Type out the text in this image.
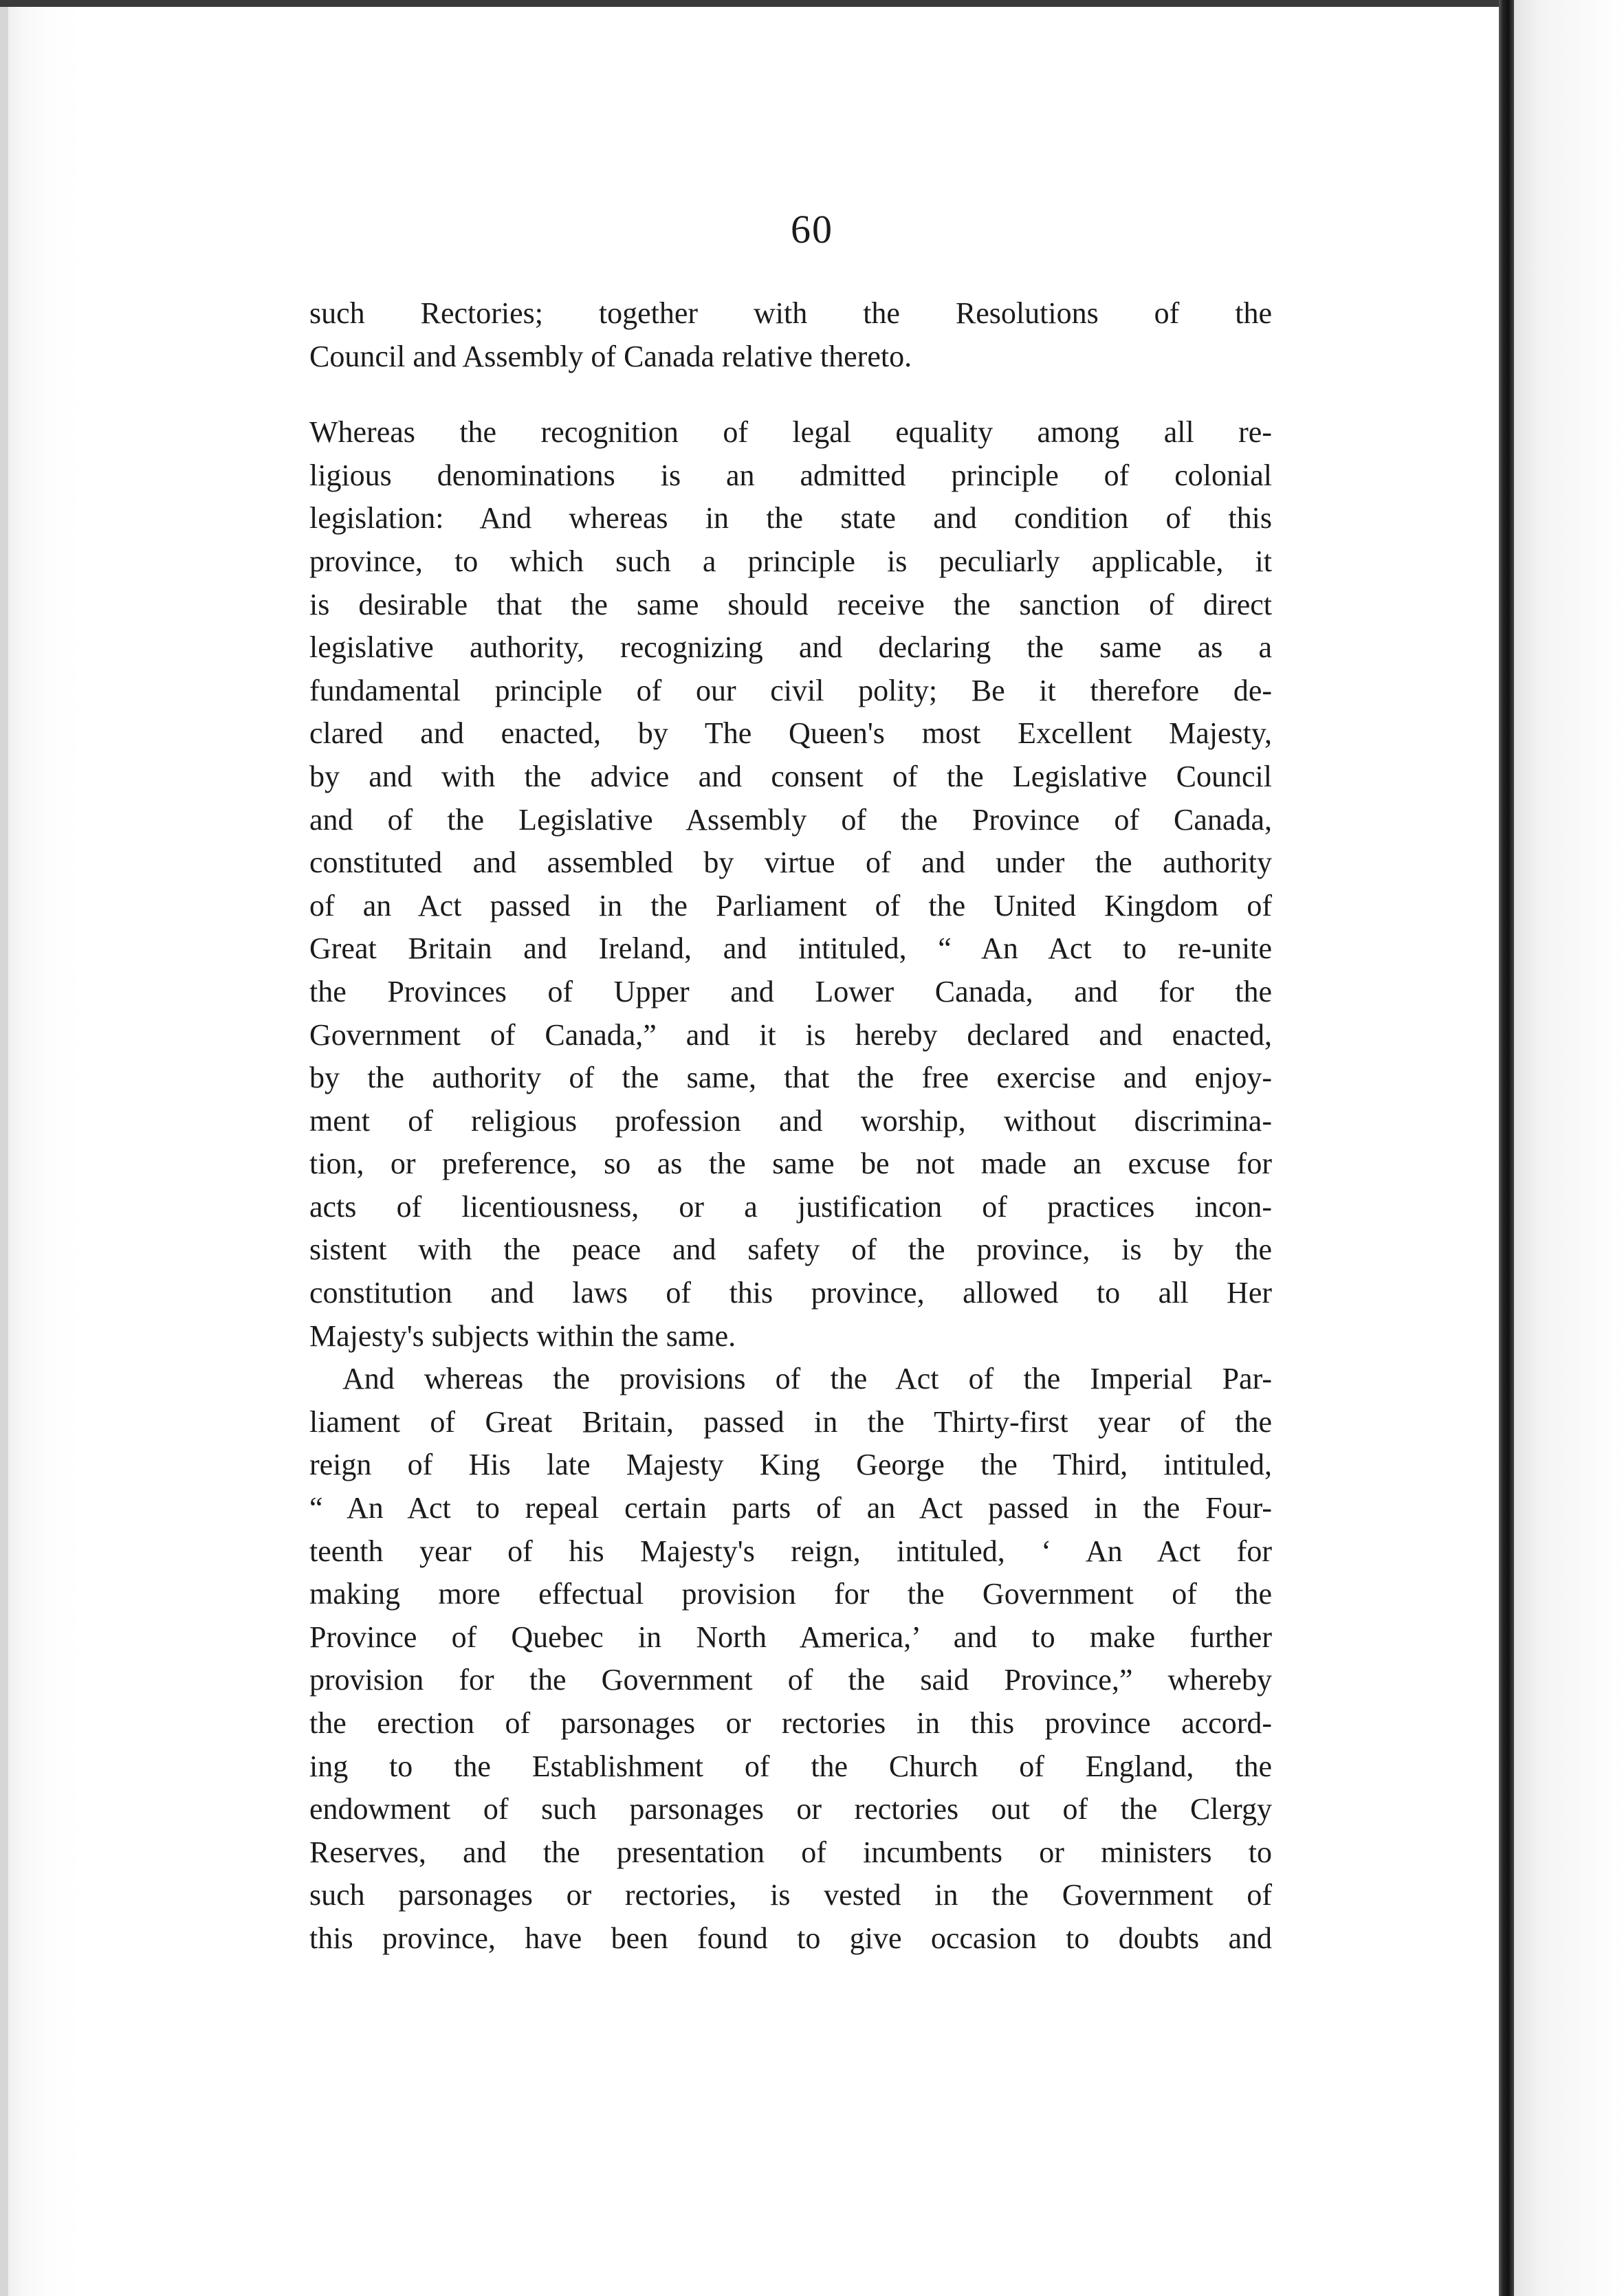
60
such Rectories; together with the Resolutions of the
Council and Assembly of Canada relative thereto.
Whereas the recognition of legal equality among all re-
ligious denominations is an admitted principle of colonial
legislation: And whereas in the state and condition of this
province, to which such a principle is peculiarly applicable, it
is desirable that the same should receive the sanction of direct
legislative authority, recognizing and declaring the same as a
fundamental principle of our civil polity; Be it therefore de-
clared and enacted, by The Queen's most Excellent Majesty,
by and with the advice and consent of the Legislative Council
and of the Legislative Assembly of the Province of Canada,
constituted and assembled by virtue of and under the authority
of an Act passed in the Parliament of the United Kingdom of
Great Britain and Ireland, and intituled, “ An Act to re-unite
the Provinces of Upper and Lower Canada, and for the
Government of Canada,” and it is hereby declared and enacted,
by the authority of the same, that the free exercise and enjoy-
ment of religious profession and worship, without discrimina-
tion, or preference, so as the same be not made an excuse for
acts of licentiousness, or a justification of practices incon-
sistent with the peace and safety of the province, is by the
constitution and laws of this province, allowed to all Her
Majesty's subjects within the same.
And whereas the provisions of the Act of the Imperial Par-
liament of Great Britain, passed in the Thirty-first year of the
reign of His late Majesty King George the Third, intituled,
“ An Act to repeal certain parts of an Act passed in the Four-
teenth year of his Majesty's reign, intituled, ‘ An Act for
making more effectual provision for the Government of the
Province of Quebec in North America,’ and to make further
provision for the Government of the said Province,” whereby
the erection of parsonages or rectories in this province accord-
ing to the Establishment of the Church of England, the
endowment of such parsonages or rectories out of the Clergy
Reserves, and the presentation of incumbents or ministers to
such parsonages or rectories, is vested in the Government of
this province, have been found to give occasion to doubts and
